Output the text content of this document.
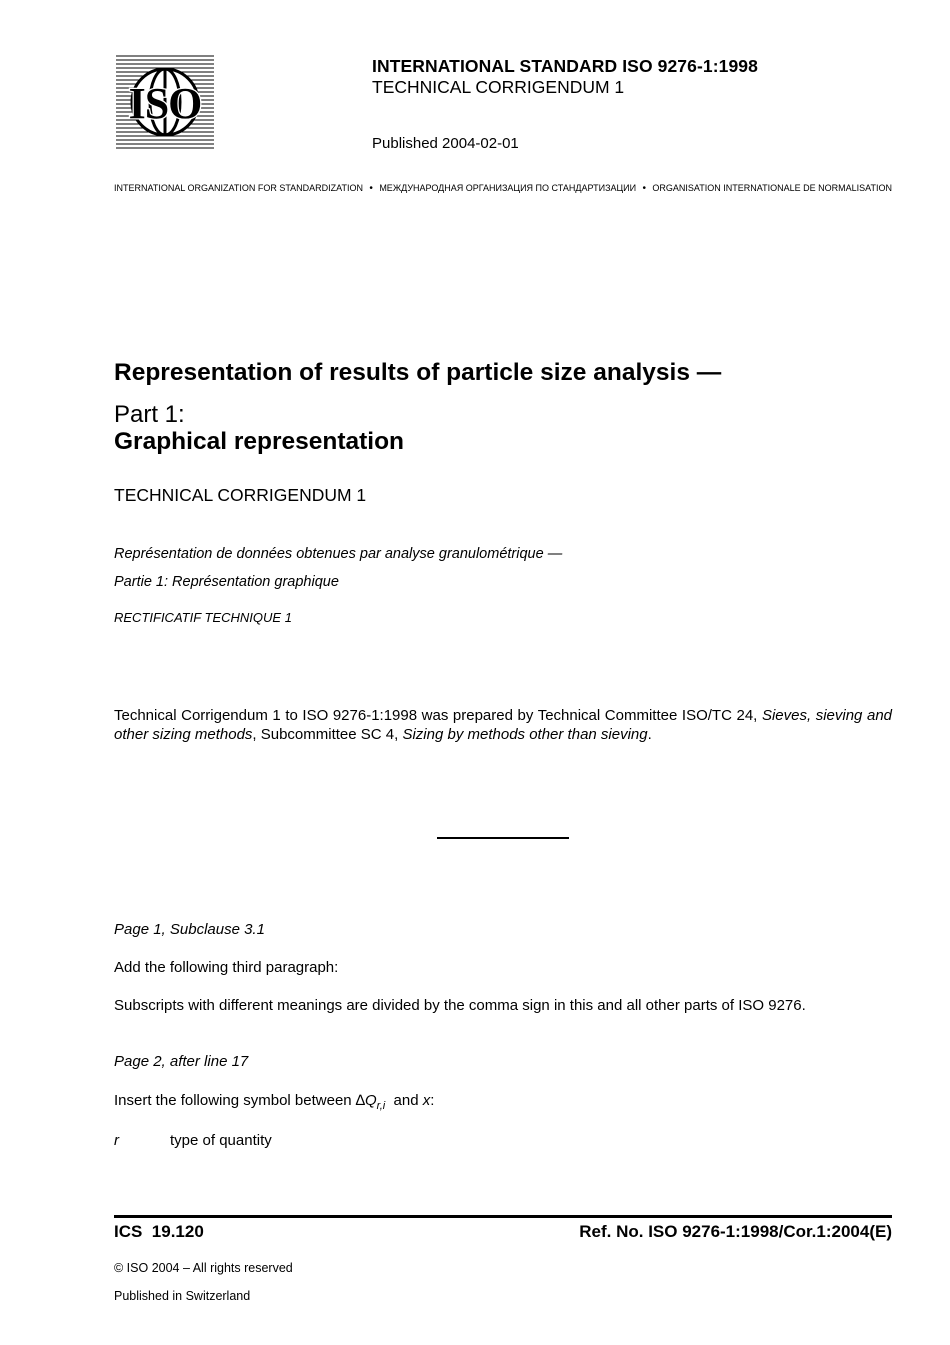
ISO
INTERNATIONAL STANDARD ISO 9276-1:1998
TECHNICAL CORRIGENDUM 1
Published 2004-02-01
INTERNATIONAL ORGANIZATION FOR STANDARDIZATION • МЕЖДУНАРОДНАЯ ОРГАНИЗАЦИЯ ПО СТАНДАРТИЗАЦИИ • ORGANISATION INTERNATIONALE DE NORMALISATION
Representation of results of particle size analysis —
Part 1:
Graphical representation
TECHNICAL CORRIGENDUM 1
Représentation de données obtenues par analyse granulométrique —
Partie 1: Représentation graphique
RECTIFICATIF TECHNIQUE 1
Technical Corrigendum 1 to ISO 9276-1:1998 was prepared by Technical Committee ISO/TC 24, Sieves, sieving and other sizing methods, Subcommittee SC 4, Sizing by methods other than sieving.
Page 1, Subclause 3.1
Add the following third paragraph:
Subscripts with different meanings are divided by the comma sign in this and all other parts of ISO 9276.
Page 2, after line 17
Insert the following symbol between $\Delta Q_{r,i}$  and x:
r	type of quantity
ICS  19.120	Ref. No. ISO 9276-1:1998/Cor.1:2004(E)
© ISO 2004 – All rights reserved
Published in Switzerland
